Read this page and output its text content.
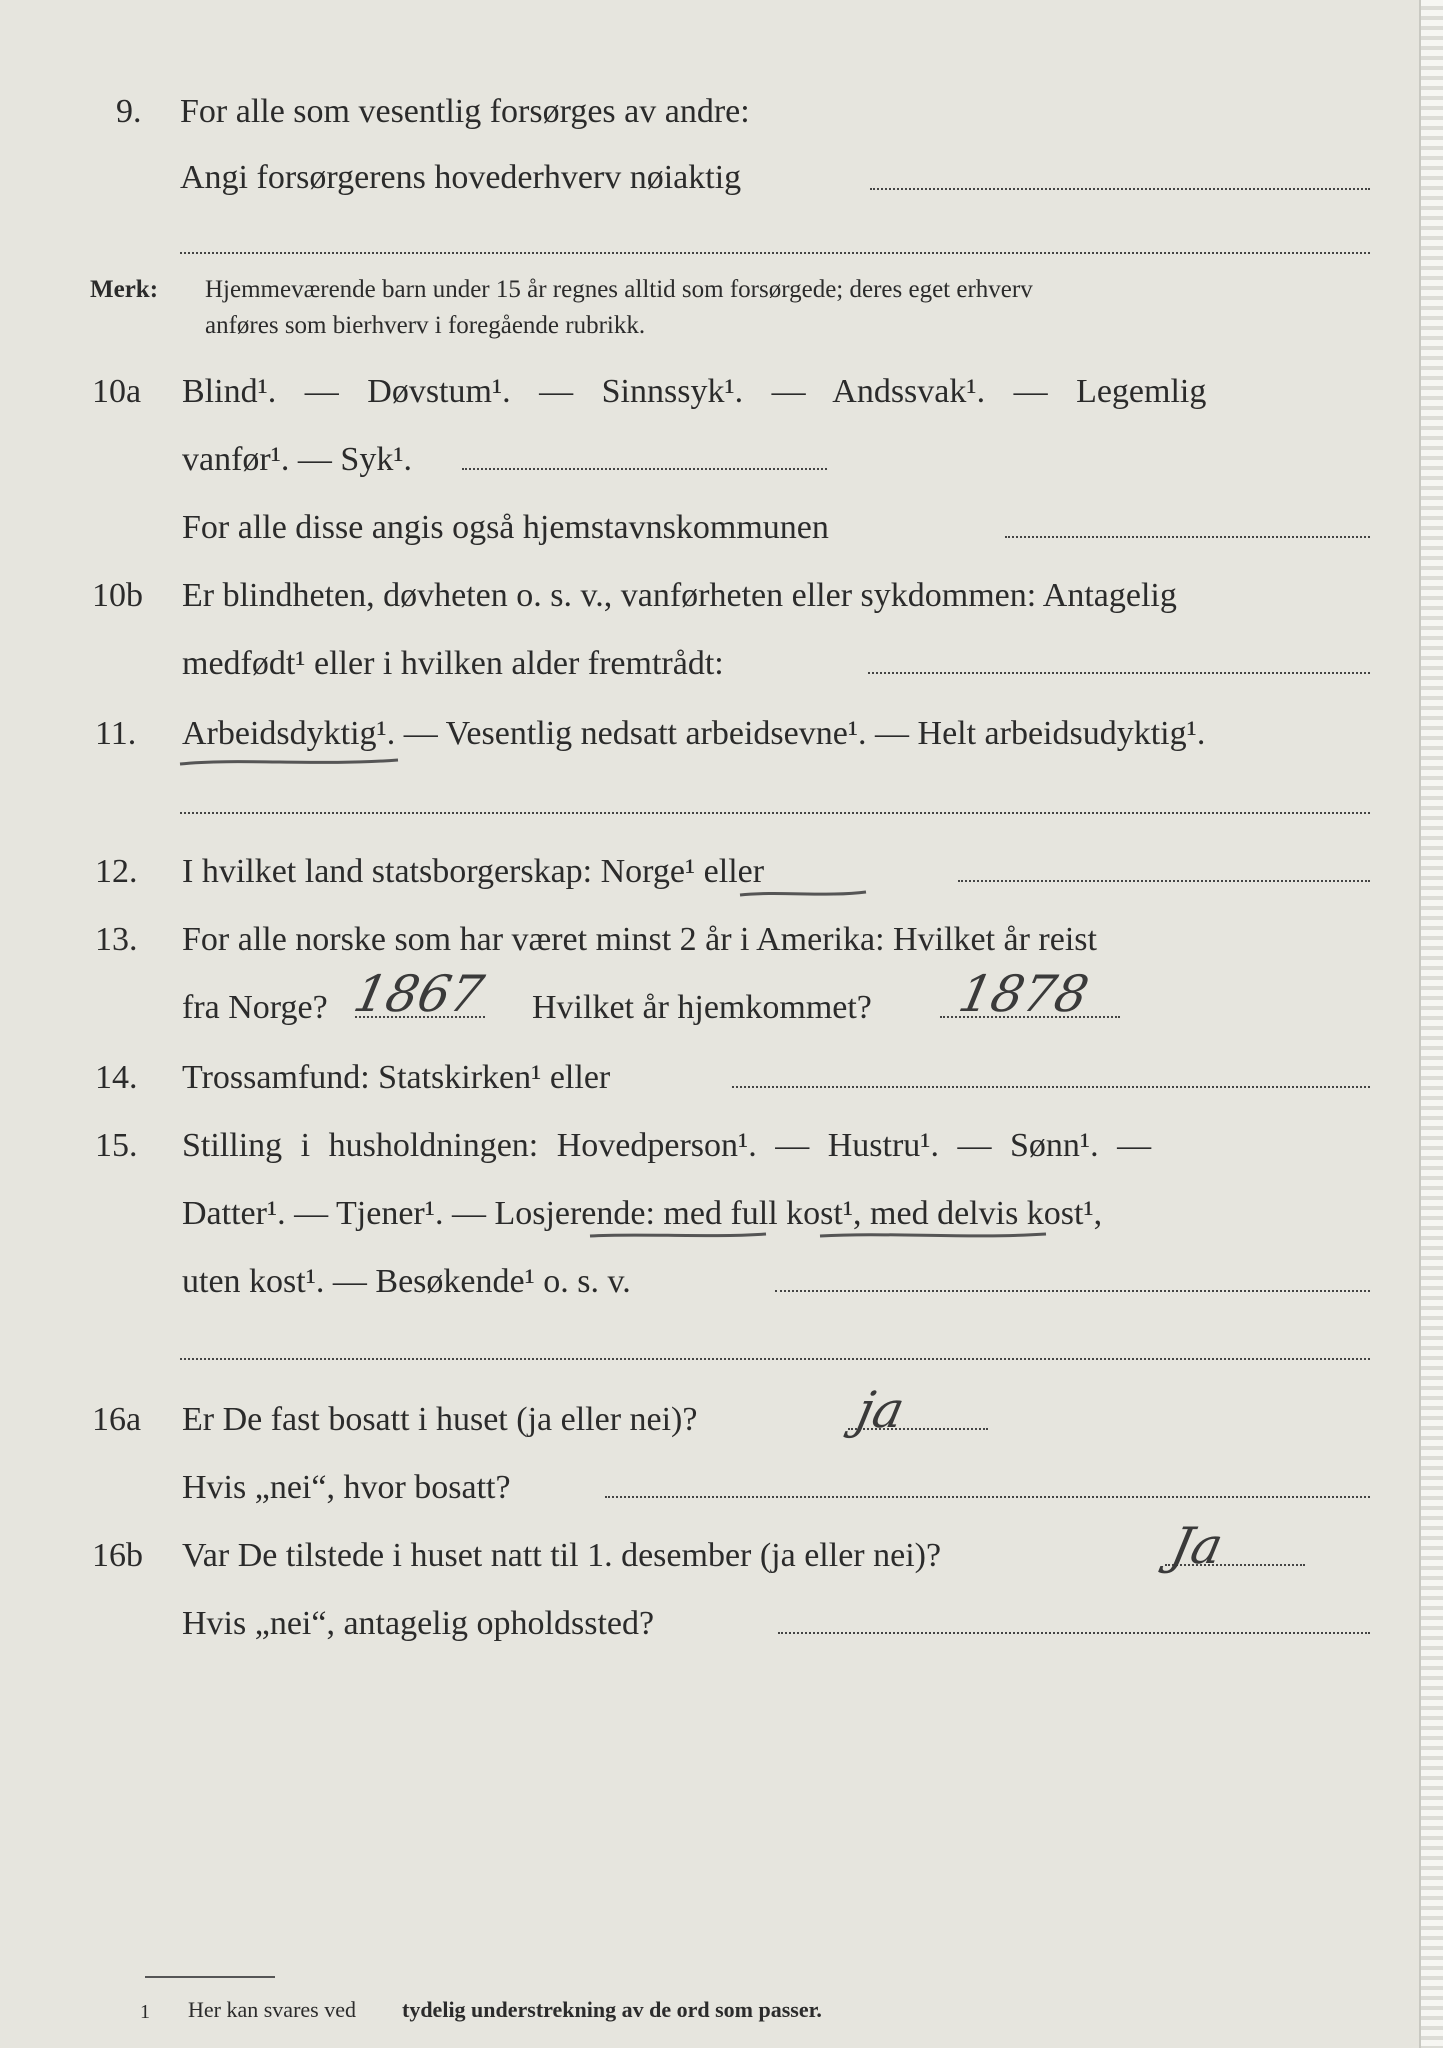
9. For alle som vesentlig forsørges av andre:
Angi forsørgerens hovederhverv nøiaktig
Merk: Hjemmeværende barn under 15 år regnes alltid som forsørgede; deres eget erhverv
anføres som bierhverv i foregående rubrikk.
10a Blind¹. — Døvstum¹. — Sinnssyk¹. — Andssvak¹. — Legemlig
vanfør¹. — Syk¹.
For alle disse angis også hjemstavnskommunen
10b Er blindheten, døvheten o. s. v., vanførheten eller sykdommen: Antagelig
medfødt¹ eller i hvilken alder fremtrådt:
11. Arbeidsdyktig¹. — Vesentlig nedsatt arbeidsevne¹. — Helt arbeidsudyktig¹.
12. I hvilket land statsborgerskap: Norge¹ eller
13. For alle norske som har været minst 2 år i Amerika: Hvilket år reist
fra Norge? 1867 Hvilket år hjemkommet? 1878
14. Trossamfund: Statskirken¹ eller
15. Stilling i husholdningen: Hovedperson¹. — Hustru¹. — Sønn¹. —
Datter¹. — Tjener¹. — Losjerende: med full kost¹, med delvis kost¹,
uten kost¹. — Besøkende¹ o. s. v.
16a Er De fast bosatt i huset (ja eller nei)?	ja
Hvis „nei“, hvor bosatt?
16b Var De tilstede i huset natt til 1. desember (ja eller nei)?	Ja
Hvis „nei“, antagelig opholdssted?
1 Her kan svares ved tydelig understrekning av de ord som passer.
